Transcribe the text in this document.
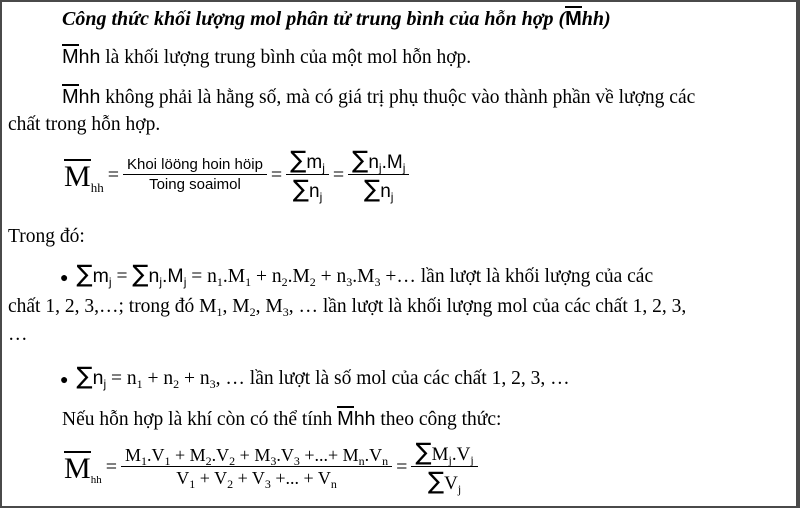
Công thức khối lượng mol phân tử trung bình của hỗn hợp (Mhh)
Mhh là khối lượng trung bình của một mol hỗn hợp.
Mhh không phải là hằng số, mà có giá trị phụ thuộc vào thành phần về lượng các
chất trong hỗn hợp.
M hh
= $\frac{\text{Khoi lööng hoin höip}}{\text{Toing soaimol}} = \frac{\sum m_j}{\sum n_j} = \frac{\sum n_j.M_j}{\sum n_j}$
Trong đó:
● $\sum m_j = \sum n_j.M_j = n_1.M_1 + n_2.M_2 + n_3.M_3$ +… lần lượt là khối lượng của các
chất 1, 2, 3,…; trong đó $M_1$, $M_2$, $M_3$, … lần lượt là khối lượng mol của các chất 1, 2, 3,
…
● $\sum n_j = n_1 + n_2 + n_3$, … lần lượt là số mol của các chất 1, 2, 3, …
Nếu hỗn hợp là khí còn có thể tính Mhh theo công thức:
M hh
= $\frac{M_1.V_1 + M_2.V_2 + M_3.V_3 +...+ M_n.V_n}{V_1 + V_2 + V_3 +... + V_n} = \frac{\sum M_j.V_j}{\sum V_j}$
